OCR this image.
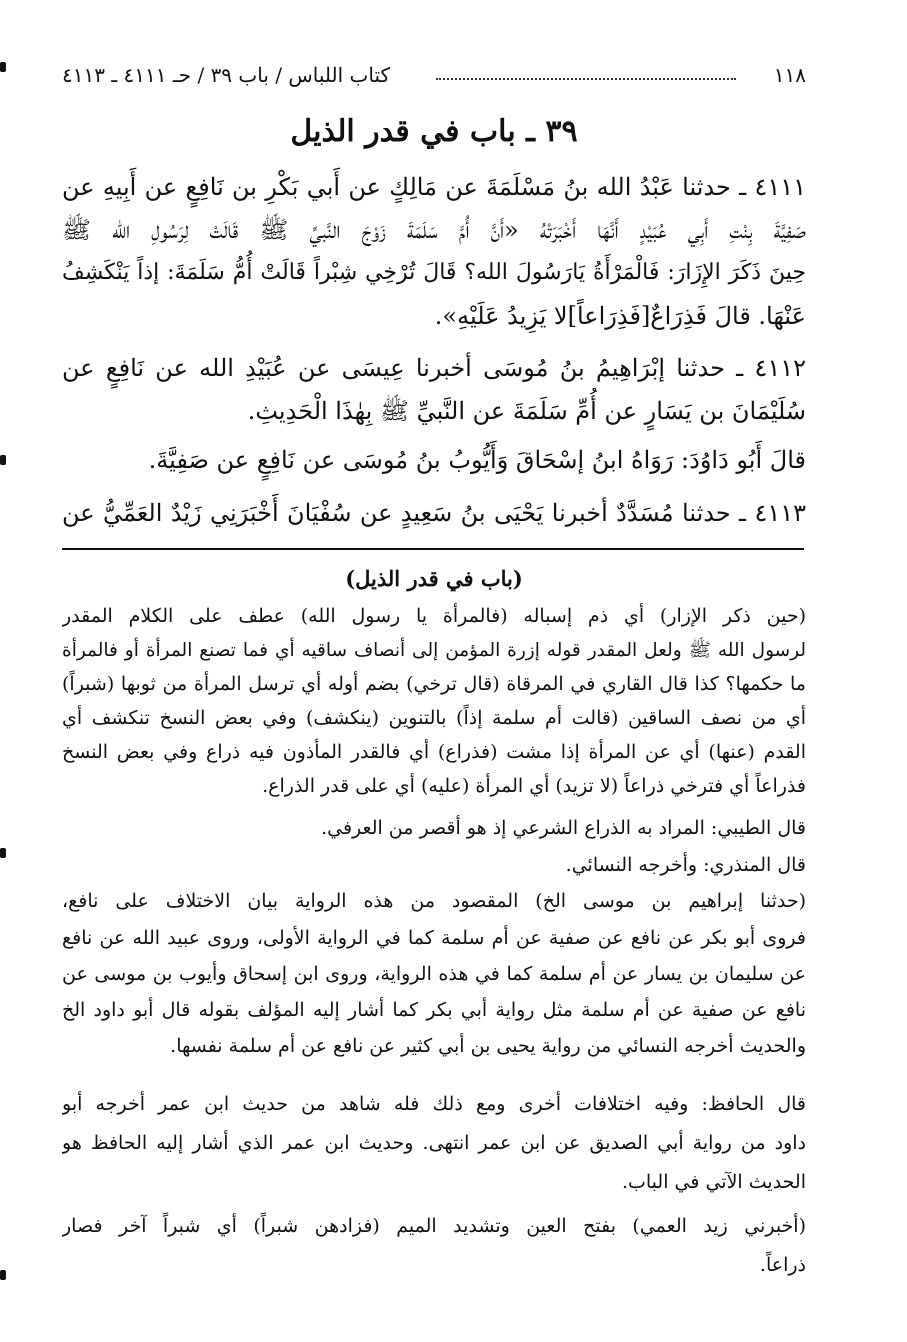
١١٨
كتاب اللباس / باب ٣٩ / حـ ٤١١١ ـ ٤١١٣
٣٩ ـ باب في قدر الذيل
٤١١١ ـ حدثنا عَبْدُ الله بنُ مَسْلَمَةَ عن مَالِكٍ عن أَبي بَكْرِ بن نَافِعٍ عن أَبِيهِ عن
صَفِيَّةَ بِنْتِ أَبِي عُبَيْدٍ أَنَّهَا أَخْبَرَتْهُ «أَنَّ أُمَّ سَلَمَةَ زَوْجَ النَّبيِّ ﷺ قَالَتْ لِرَسُولِ الله ﷺ
حِينَ ذَكَرَ الإِزَارَ: فَالْمَرْأَةُ يَارَسُولَ الله؟ قَالَ تُرْخِي شِبْراً قَالَتْ أُمُّ سَلَمَةَ: إذاً يَنْكَشِفُ
عَنْهَا. قالَ فَذِرَاعٌ[فَذِرَاعاً]لا يَزِيدُ عَلَيْهِ».
٤١١٢ ـ حدثنا إبْرَاهِيمُ بنُ مُوسَى أخبرنا عِيسَى عن عُبَيْدِ الله عن نَافِعٍ عن
سُلَيْمَانَ بن يَسَارٍ عن أُمِّ سَلَمَةَ عن النَّبيِّ ﷺ بِهٰذَا الْحَدِيثِ.
قالَ أَبُو دَاوُدَ: رَوَاهُ ابنُ إسْحَاقَ وَأَيُّوبُ بنُ مُوسَى عن نَافِعٍ عن صَفِيَّةَ.
٤١١٣ ـ حدثنا مُسَدَّدٌ أخبرنا يَحْيَى بنُ سَعِيدٍ عن سُفْيَانَ أَخْبَرَنِي زَيْدٌ العَمِّيُّ عن
(باب في قدر الذيل)
(حين ذكر الإزار) أي ذم إسباله (فالمرأة يا رسول الله) عطف على الكلام المقدر
لرسول الله ﷺ ولعل المقدر قوله إزرة المؤمن إلى أنصاف ساقيه أي فما تصنع المرأة أو فالمرأة
ما حكمها؟ كذا قال القاري في المرقاة (قال ترخي) بضم أوله أي ترسل المرأة من ثوبها (شبراً)
أي من نصف الساقين (قالت أم سلمة إذاً) بالتنوين (ينكشف) وفي بعض النسخ تنكشف أي
القدم (عنها) أي عن المرأة إذا مشت (فذراع) أي فالقدر المأذون فيه ذراع وفي بعض النسخ
فذراعاً أي فترخي ذراعاً (لا تزيد) أي المرأة (عليه) أي على قدر الذراع.
قال الطيبي: المراد به الذراع الشرعي إذ هو أقصر من العرفي.
قال المنذري: وأخرجه النسائي.
(حدثنا إبراهيم بن موسى الخ) المقصود من هذه الرواية بيان الاختلاف على نافع،
فروى أبو بكر عن نافع عن صفية عن أم سلمة كما في الرواية الأولى، وروى عبيد الله عن نافع
عن سليمان بن يسار عن أم سلمة كما في هذه الرواية، وروى ابن إسحاق وأيوب بن موسى عن
نافع عن صفية عن أم سلمة مثل رواية أبي بكر كما أشار إليه المؤلف بقوله قال أبو داود الخ
والحديث أخرجه النسائي من رواية يحيى بن أبي كثير عن نافع عن أم سلمة نفسها.
قال الحافظ: وفيه اختلافات أخرى ومع ذلك فله شاهد من حديث ابن عمر أخرجه أبو
داود من رواية أبي الصديق عن ابن عمر انتهى. وحديث ابن عمر الذي أشار إليه الحافظ هو
الحديث الآتي في الباب.
(أخبرني زيد العمي) بفتح العين وتشديد الميم (فزادهن شبراً) أي شبراً آخر فصار
ذراعاً.
